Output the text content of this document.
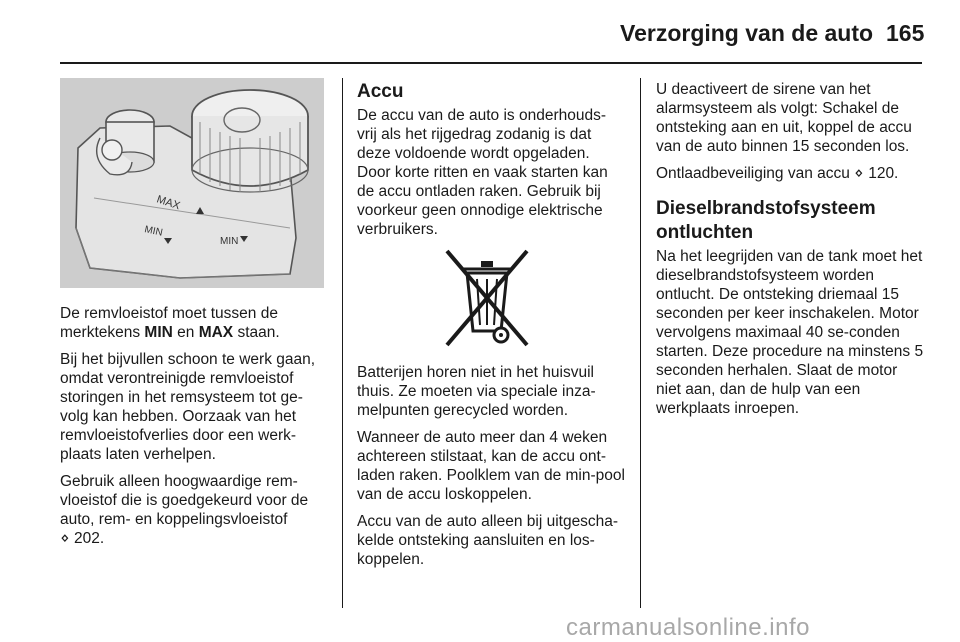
Verzorging van de auto 165
MAX
MIN
MIN

De remvloeistof moet tussen de merktekens MIN en MAX staan.

Bij het bijvullen schoon te werk gaan, omdat verontreinigde remvloeistof storingen in het remsysteem tot ge-volg kan hebben. Oorzaak van het remvloeistofverlies door een werk-plaats laten verhelpen.

Gebruik alleen hoogwaardige rem-vloeistof die is goedgekeurd voor de auto, rem- en koppelingsvloeistof
⋄ 202.

Accu

De accu van de auto is onderhouds-vrij als het rijgedrag zodanig is dat deze voldoende wordt opgeladen. Door korte ritten en vaak starten kan de accu ontladen raken. Gebruik bij voorkeur geen onnodige elektrische verbruikers.

Batterijen horen niet in het huisvuil thuis. Ze moeten via speciale inza-melpunten gerecycled worden.

Wanneer de auto meer dan 4 weken achtereen stilstaat, kan de accu ont-laden raken. Poolklem van de min-pool van de accu loskoppelen.

Accu van de auto alleen bij uitgescha-kelde ontsteking aansluiten en los-koppelen.

U deactiveert de sirene van het alarmsysteem als volgt: Schakel de ontsteking aan en uit, koppel de accu van de auto binnen 15 seconden los.

Ontlaadbeveiliging van accu ⋄ 120.

Dieselbrandstofsysteem ontluchten

Na het leegrijden van de tank moet het dieselbrandstofsysteem worden ontlucht. De ontsteking driemaal 15 seconden per keer inschakelen. Motor vervolgens maximaal 40 se-conden starten. Deze procedure na minstens 5 seconden herhalen. Slaat de motor niet aan, dan de hulp van een werkplaats inroepen.

carmanualsonline.info
